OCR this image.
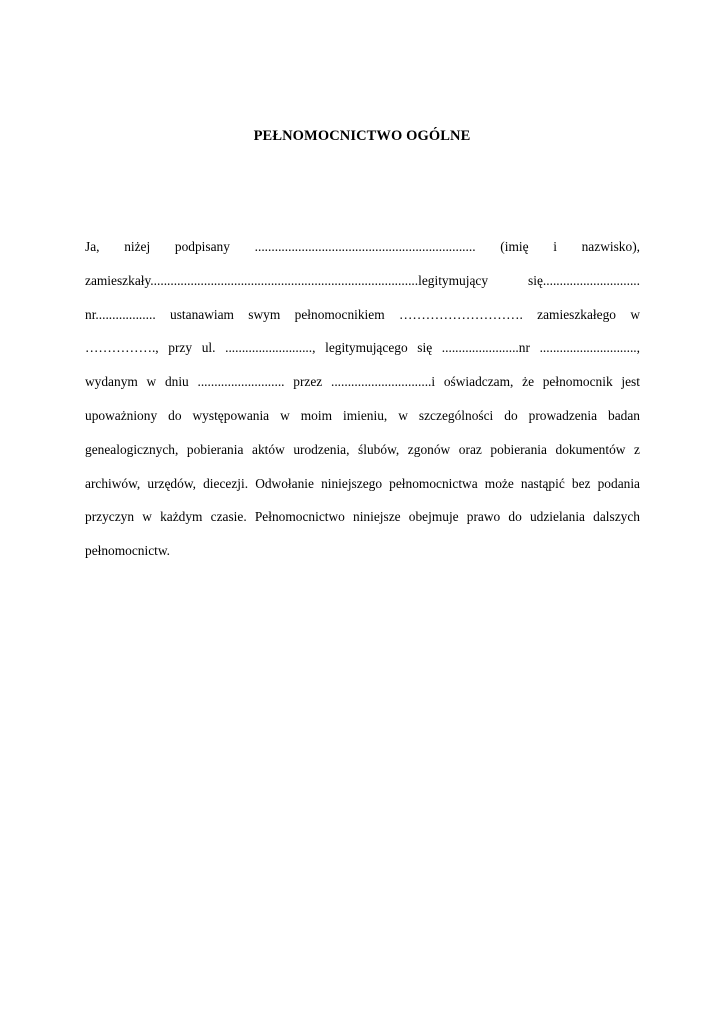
PEŁNOMOCNICTWO OGÓLNE
Ja, niżej podpisany .................................................................. (imię i nazwisko),
zamieszkały................................................................................legitymujący się.............................
nr.................. ustanawiam swym pełnomocnikiem ………………………. zamieszkałego w
……………., przy ul. .........................., legitymującego się .......................nr .............................,
wydanym w dniu .......................... przez ..............................i oświadczam, że pełnomocnik jest
upoważniony do występowania w moim imieniu, w szczególności do prowadzenia badan
genealogicznych, pobierania aktów urodzenia, ślubów, zgonów oraz pobierania dokumentów z
archiwów, urzędów, diecezji. Odwołanie niniejszego pełnomocnictwa może nastąpić bez podania
przyczyn w każdym czasie. Pełnomocnictwo niniejsze obejmuje prawo do udzielania dalszych
pełnomocnictw.
